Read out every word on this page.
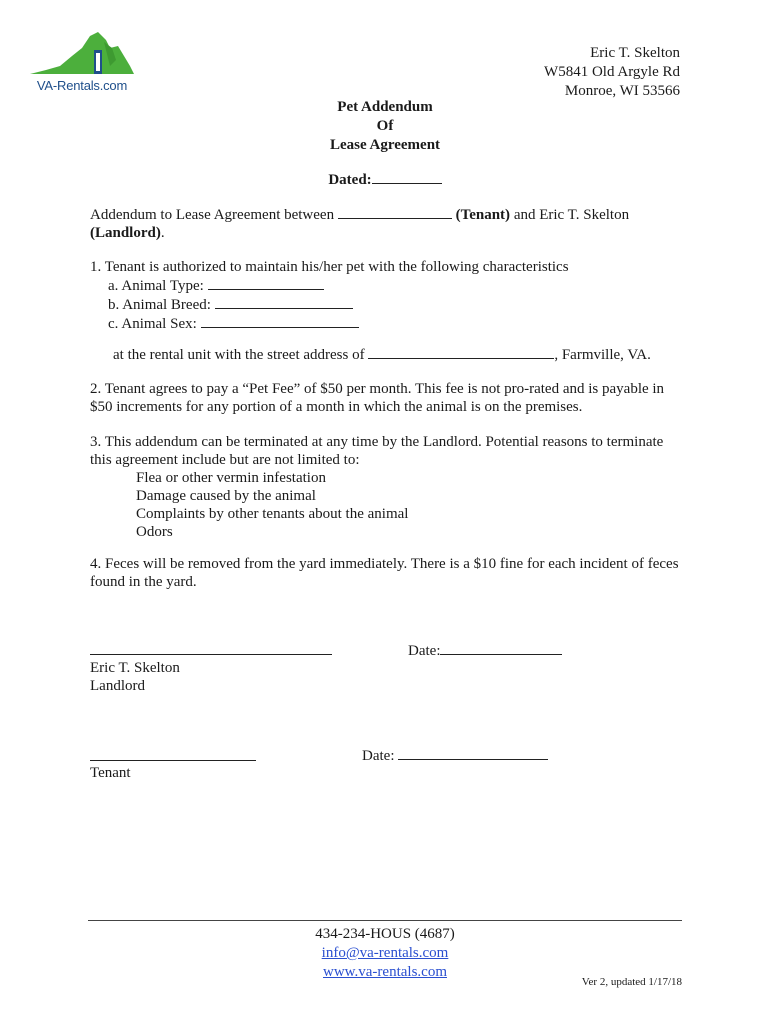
VA-Rentals.com
Eric T. Skelton
W5841 Old Argyle Rd
Monroe, WI 53566
Pet Addendum
Of
Lease Agreement
Dated:
Addendum to Lease Agreement between	(Tenant) and Eric T. Skelton (Landlord).
1. Tenant is authorized to maintain his/her pet with the following characteristics
a. Animal Type:
b. Animal Breed:
c. Animal Sex:
at the rental unit with the street address of	, Farmville, VA.
2. Tenant agrees to pay a “Pet Fee” of $50 per month. This fee is not pro-rated and is payable in $50 increments for any portion of a month in which the animal is on the premises.
3. This addendum can be terminated at any time by the Landlord. Potential reasons to terminate this agreement include but are not limited to:
Flea or other vermin infestation
Damage caused by the animal
Complaints by other tenants about the animal
Odors
4. Feces will be removed from the yard immediately. There is a $10 fine for each incident of feces found in the yard.
Date:
Eric T. Skelton
Landlord
Date:
Tenant
434-234-HOUS (4687)
info@va-rentals.com
www.va-rentals.com
Ver 2, updated 1/17/18
